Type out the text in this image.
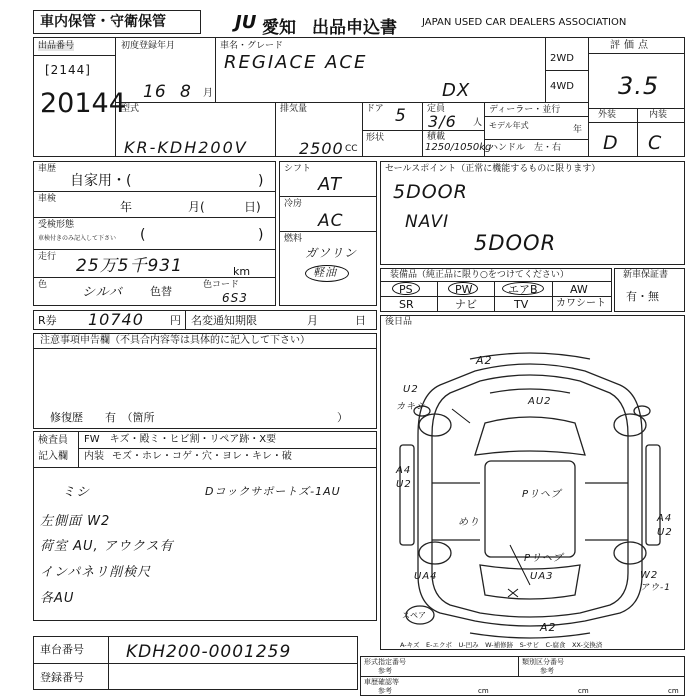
車内保管・守衛保管	JU 愛知 出品申込書	JAPAN USED CAR DEALERS ASSOCIATION
出品番号
[2144]
20144
初度登録年月
16 8 月
車名・グレード
REGIACE ACE
DX
2WD
4WD
評価点
3.5
外装	内装
D C
型式
KR-KDH200V
排気量
2500 CC
ドア 5
形状
定員
3/6 人
積載
1250/1050kg
ディーラー・並行
モデル年式	年
ハンドル　左・右
車歴
自家用・(	)
車検
年	月(	日)
受検形態
車検付きのみ記入して下さい (	)
走行 25万5千931	km
色	シルバ 色替	色コード
6S3
シフト
AT
冷房
AC
燃料
ガソリン
軽油
セールスポイント（正常に機能するものに限ります）
5DOOR
NAVI
5DOOR
装備品（純正品に限り○をつけてください）
PS	PW	エアB	AW
SR	ナビ	TV	カワシート
新車保証書
有・無
R券 10740 円 名変通知期限	月	日
注意事項申告欄（不具合内容等は具体的に記入して下さい）
修復歴　　有　（箇所	）
検査員
記入欄
FW　キズ・殿ミ・ヒビ割・リペア跡・X要
内装 モズ・ホレ・コゲ・穴・ヨレ・キレ・破
ミシ
左側面 W2
荷室 AU, アウクス有
インパネリ削検尺
各AU
Dコックサポートズ-1AU
後日品
A2
AU2
U2
カキシ
A4
U2
Pリヘプ
めり	A4
U2
Pリヘプ
UA3
UA4	W2
アウ-1
スペア
A2
A-キズ　E-エクボ　U-凹み　W-補修跡　S-サビ　C-腐食　XX-交換済
車台番号 KDH200-0001259
登録番号
形式指定番号
参考
類別区分番号
参考
車歴確認等
参考	cm	cm	cm
